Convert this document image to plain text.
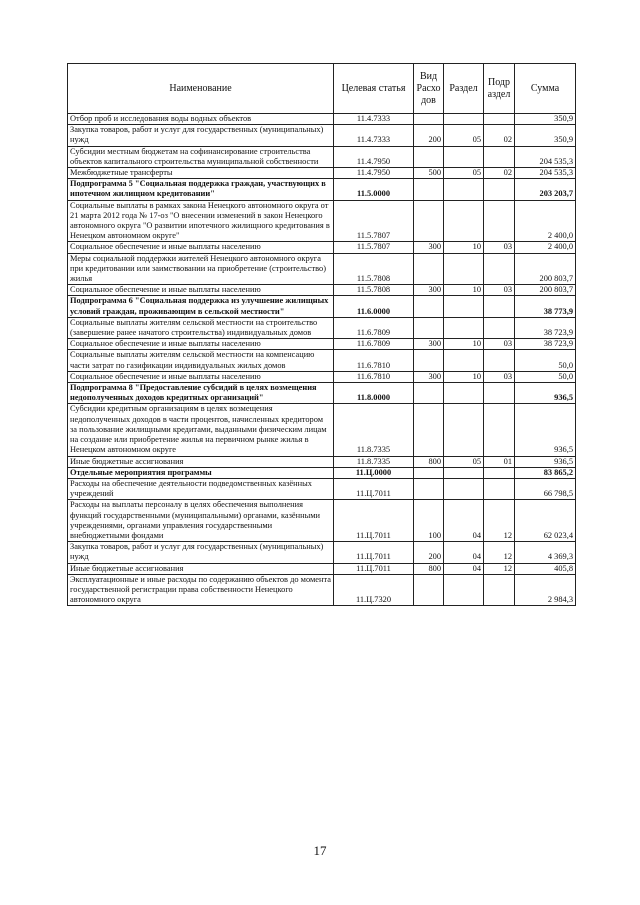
Наименование	Целевая статья	Вид Расхо дов	Раздел	Подр аздел	Сумма
Отбор проб и исследования воды водных объектов	11.4.7333				350,9
Закупка товаров, работ и услуг для государственных (муниципальных) нужд	11.4.7333	200	05	02	350,9
Субсидии местным бюджетам на софинансирование строительства объектов капитального строительства муниципальной собственности	11.4.7950				204 535,3
Межбюджетные трансферты	11.4.7950	500	05	02	204 535,3
Подпрограмма 5 "Социальная поддержка граждан, участвующих в ипотечном жилищном кредитовании"	11.5.0000				203 203,7
Социальные выплаты в рамках закона Ненецкого автономного округа от 21 марта 2012 года № 17-оз "О внесении изменений в закон Ненецкого автономного округа "О развитии ипотечного жилищного кредитования в Ненецком автономном округе"	11.5.7807				2 400,0
Социальное обеспечение и иные выплаты населению	11.5.7807	300	10	03	2 400,0
Меры социальной поддержки жителей Ненецкого автономного округа при кредитовании или заимствовании на приобретение (строительство) жилья	11.5.7808				200 803,7
Социальное обеспечение и иные выплаты населению	11.5.7808	300	10	03	200 803,7
Подпрограмма 6 "Социальная поддержка из улучшение жилищных условий граждан, проживающим в сельской местности"	11.6.0000				38 773,9
Социальные выплаты жителям сельской местности на строительство (завершение ранее начатого строительства) индивидуальных домов	11.6.7809				38 723,9
Социальное обеспечение и иные выплаты населению	11.6.7809	300	10	03	38 723,9
Социальные выплаты жителям сельской местности на компенсацию части затрат по газификации индивидуальных жилых домов	11.6.7810				50,0
Социальное обеспечение и иные выплаты населению	11.6.7810	300	10	03	50,0
Подпрограмма 8 "Предоставление субсидий в целях возмещения недополученных доходов кредитных организаций"	11.8.0000				936,5
Субсидии кредитным организациям в целях возмещения недополученных доходов в части процентов, начисленных кредитором за пользование жилищными кредитами, выданными физическим лицам на создание или приобретение жилья на первичном рынке жилья в Ненецком автономном округе	11.8.7335				936,5
Иные бюджетные ассигнования	11.8.7335	800	05	01	936,5
Отдельные мероприятия программы	11.Ц.0000				83 865,2
Расходы на обеспечение деятельности подведомственных казённых учреждений	11.Ц.7011				66 798,5
Расходы на выплаты персоналу в целях обеспечения выполнения функций государственными (муниципальными) органами, казёнными учреждениями, органами управления государственными внебюджетными фондами	11.Ц.7011	100	04	12	62 023,4
Закупка товаров, работ и услуг для государственных (муниципальных) нужд	11.Ц.7011	200	04	12	4 369,3
Иные бюджетные ассигнования	11.Ц.7011	800	04	12	405,8
Эксплуатационные и иные расходы по содержанию объектов до момента государственной регистрации права собственности Ненецкого автономного округа	11.Ц.7320				2 984,3
17
